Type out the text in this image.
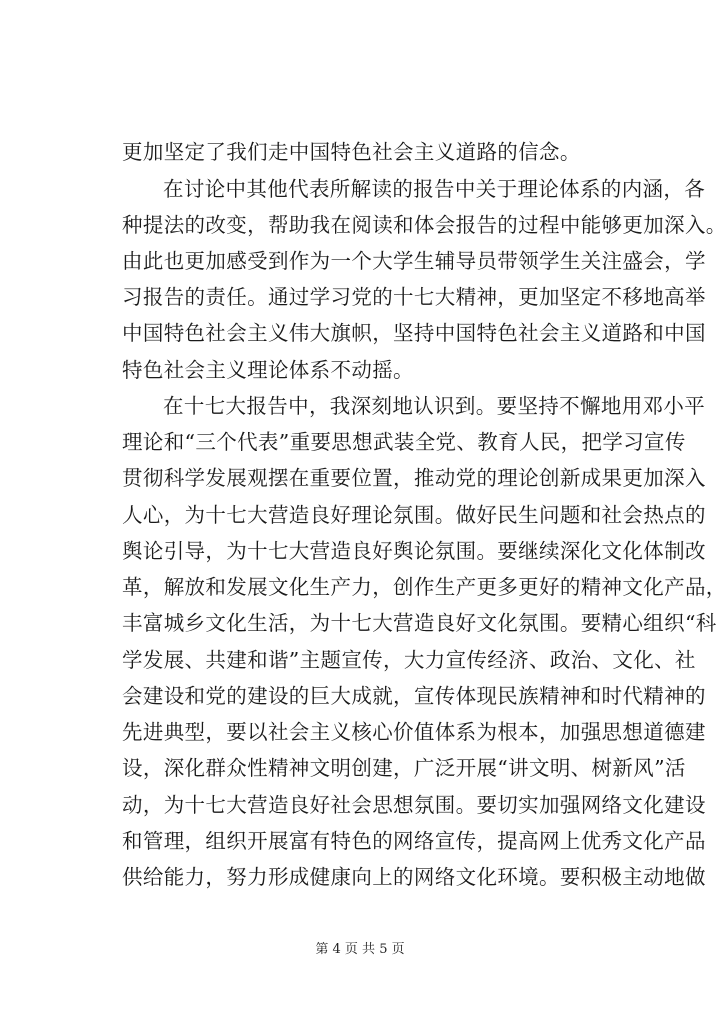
更加坚定了我们走中国特色社会主义道路的信念。
在讨论中其他代表所解读的报告中关于理论体系的内涵，各
种提法的改变，帮助我在阅读和体会报告的过程中能够更加深入。
由此也更加感受到作为一个大学生辅导员带领学生关注盛会，学
习报告的责任。通过学习党的十七大精神，更加坚定不移地高举
中国特色社会主义伟大旗帜，坚持中国特色社会主义道路和中国
特色社会主义理论体系不动摇。
在十七大报告中，我深刻地认识到。要坚持不懈地用邓小平
理论和“三个代表”重要思想武装全党、教育人民，把学习宣传
贯彻科学发展观摆在重要位置，推动党的理论创新成果更加深入
人心，为十七大营造良好理论氛围。做好民生问题和社会热点的
舆论引导，为十七大营造良好舆论氛围。要继续深化文化体制改
革，解放和发展文化生产力，创作生产更多更好的精神文化产品，
丰富城乡文化生活，为十七大营造良好文化氛围。要精心组织“科
学发展、共建和谐”主题宣传，大力宣传经济、政治、文化、社
会建设和党的建设的巨大成就，宣传体现民族精神和时代精神的
先进典型，要以社会主义核心价值体系为根本，加强思想道德建
设，深化群众性精神文明创建，广泛开展“讲文明、树新风”活
动，为十七大营造良好社会思想氛围。要切实加强网络文化建设
和管理，组织开展富有特色的网络宣传，提高网上优秀文化产品
供给能力，努力形成健康向上的网络文化环境。要积极主动地做
第 4 页 共 5 页
